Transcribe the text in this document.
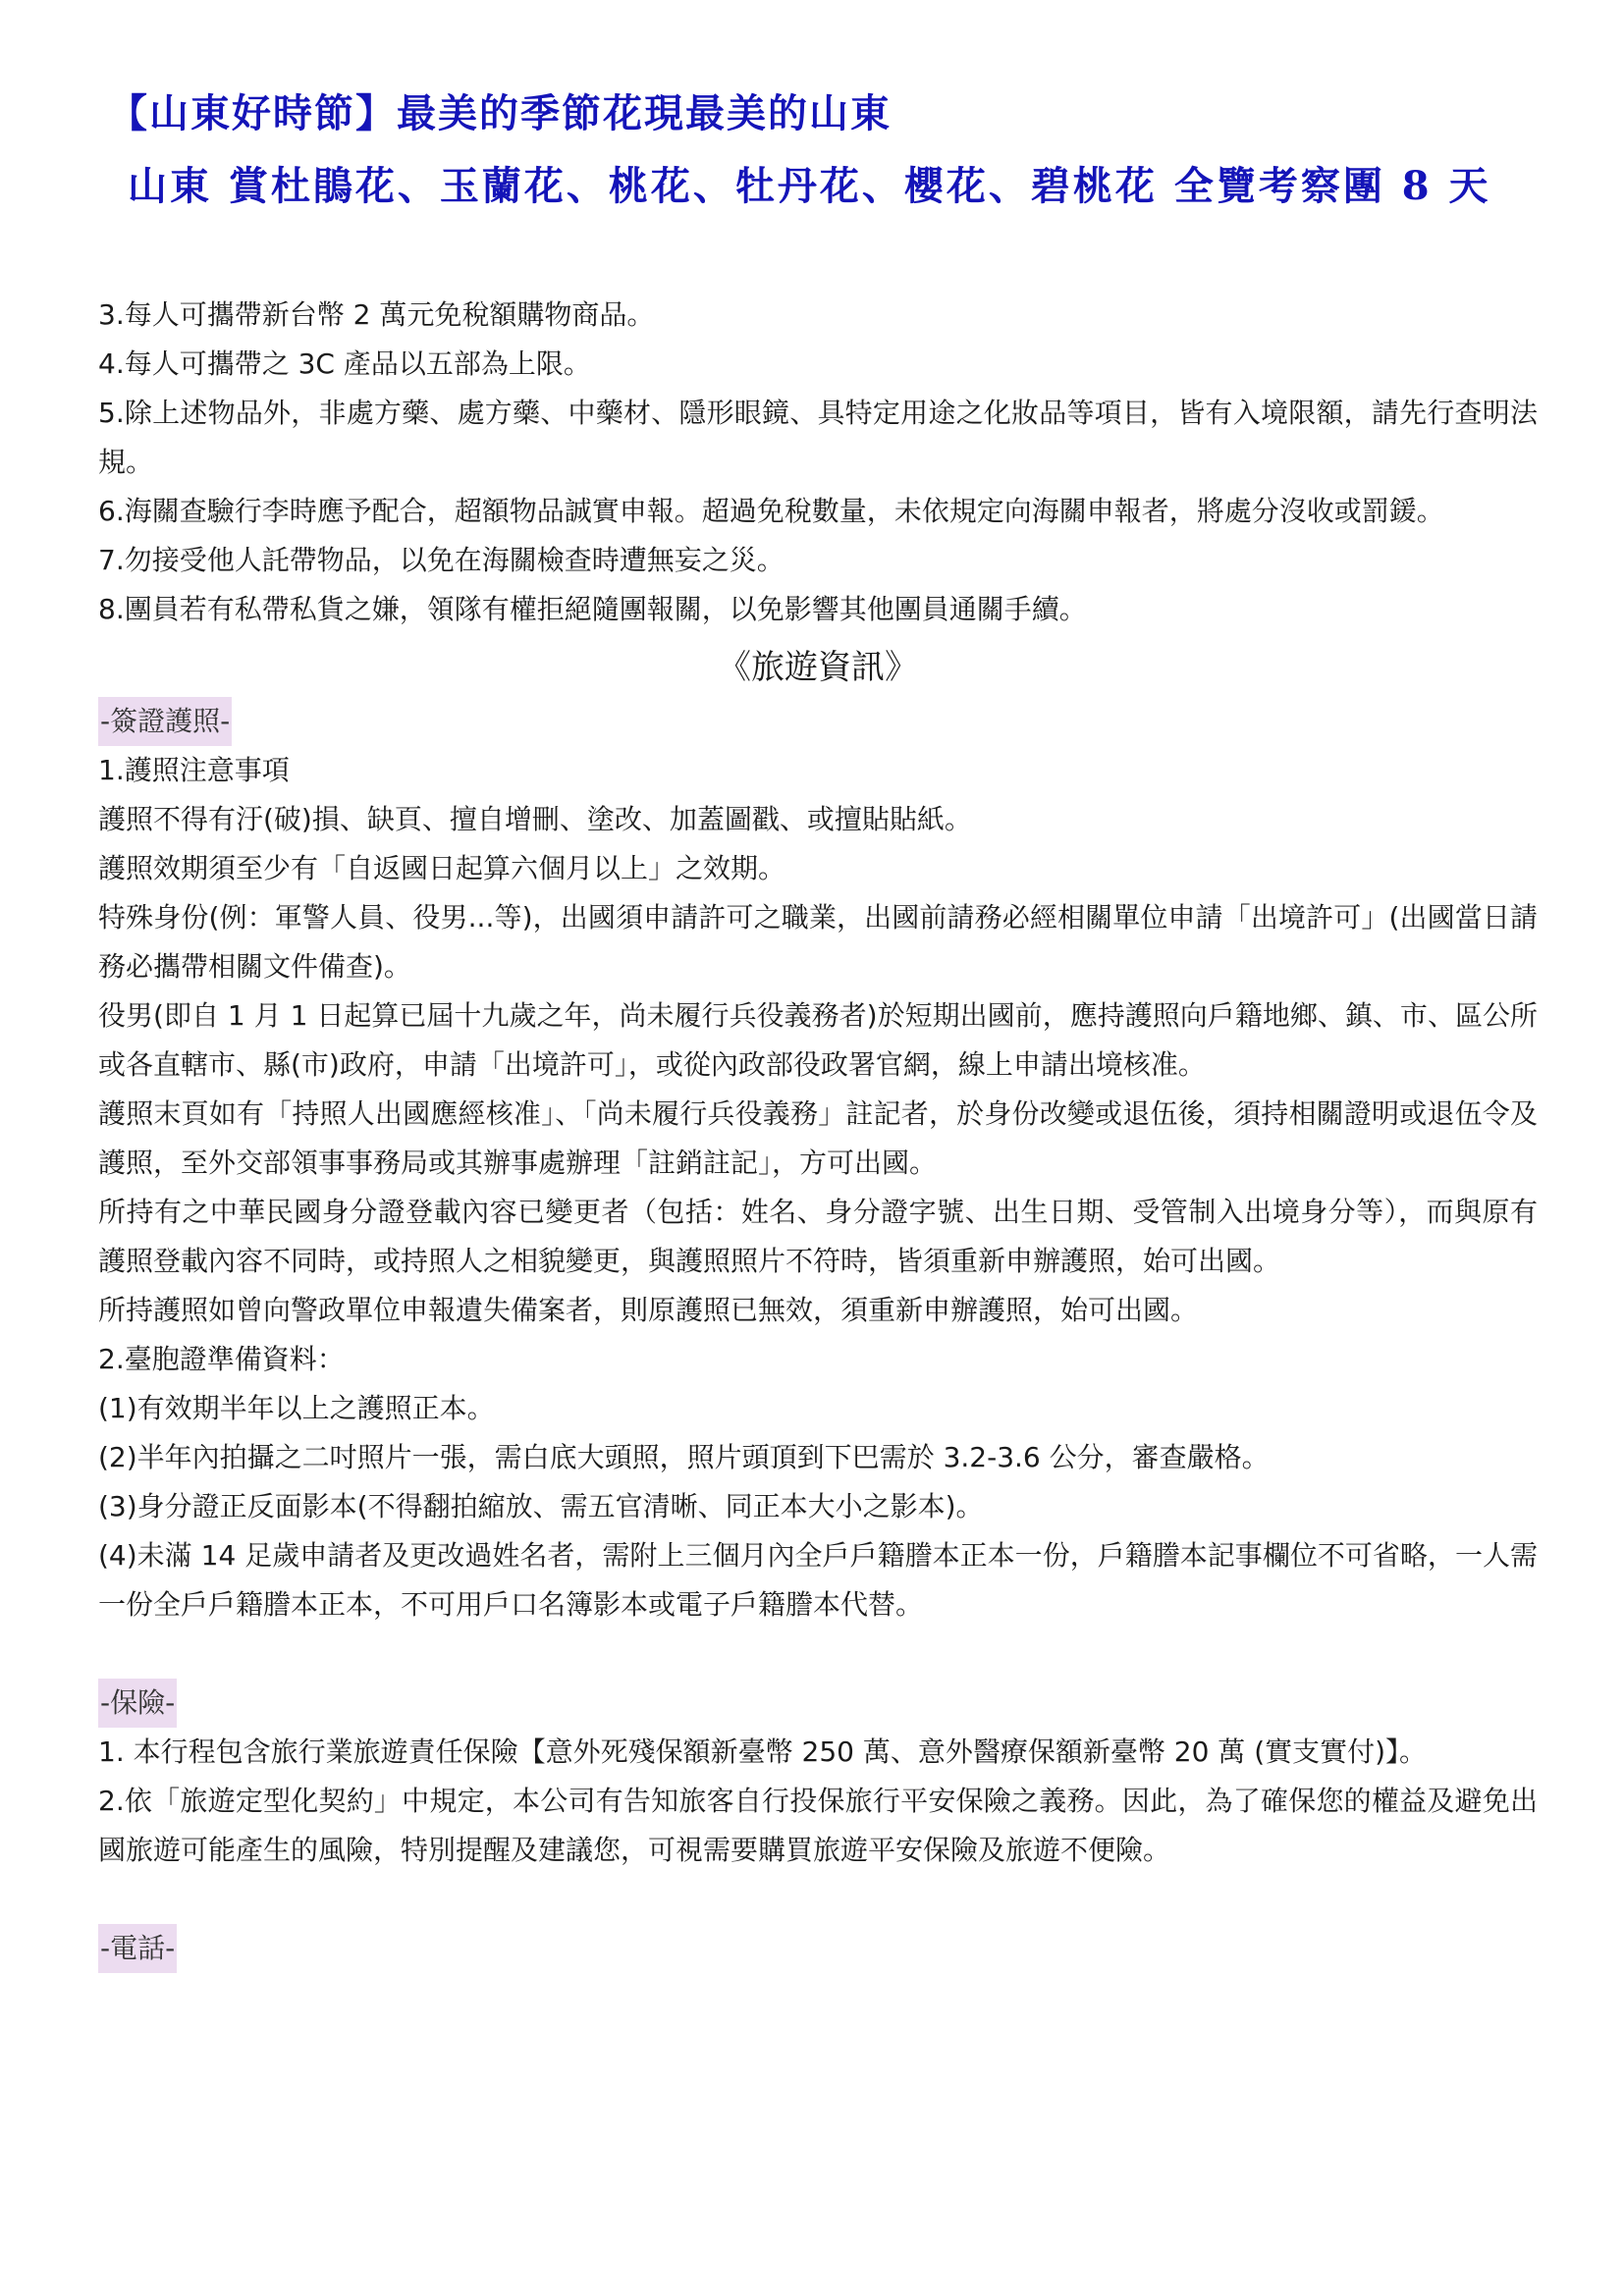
【山東好時節】最美的季節花現最美的山東
山東 賞杜鵑花、玉蘭花、桃花、牡丹花、櫻花、碧桃花 全覽考察團 8 天

3.每人可攜帶新台幣 2 萬元免稅額購物商品。

4.每人可攜帶之 3C 產品以五部為上限。

5.除上述物品外，非處方藥、處方藥、中藥材、隱形眼鏡、具特定用途之化妝品等項目，皆有入境限額，請先行查明法規。

6.海關查驗行李時應予配合，超額物品誠實申報。超過免稅數量，未依規定向海關申報者，將處分沒收或罰鍰。

7.勿接受他人託帶物品，以免在海關檢查時遭無妄之災。

8.團員若有私帶私貨之嫌，領隊有權拒絕隨團報關，以免影響其他團員通關手續。

《旅遊資訊》

-簽證護照-

1.護照注意事項

護照不得有汙(破)損、缺頁、擅自增刪、塗改、加蓋圖戳、或擅貼貼紙。

護照效期須至少有「自返國日起算六個月以上」之效期。

特殊身份(例：軍警人員、役男...等)，出國須申請許可之職業，出國前請務必經相關單位申請「出境許可」(出國當日請務必攜帶相關文件備查)。

役男(即自 1 月 1 日起算已屆十九歲之年，尚未履行兵役義務者)於短期出國前，應持護照向戶籍地鄉、鎮、市、區公所或各直轄市、縣(市)政府，申請「出境許可」，或從內政部役政署官網，線上申請出境核准。

護照末頁如有「持照人出國應經核准」、「尚未履行兵役義務」註記者，於身份改變或退伍後，須持相關證明或退伍令及護照，至外交部領事事務局或其辦事處辦理「註銷註記」，方可出國。

所持有之中華民國身分證登載內容已變更者（包括：姓名、身分證字號、出生日期、受管制入出境身分等），而與原有護照登載內容不同時，或持照人之相貌變更，與護照照片不符時，皆須重新申辦護照，始可出國。

所持護照如曾向警政單位申報遺失備案者，則原護照已無效，須重新申辦護照，始可出國。

2.臺胞證準備資料：

(1)有效期半年以上之護照正本。

(2)半年內拍攝之二吋照片一張，需白底大頭照，照片頭頂到下巴需於 3.2-3.6 公分，審查嚴格。

(3)身分證正反面影本(不得翻拍縮放、需五官清晰、同正本大小之影本)。

(4)未滿 14 足歲申請者及更改過姓名者，需附上三個月內全戶戶籍謄本正本一份，戶籍謄本記事欄位不可省略，一人需一份全戶戶籍謄本正本，不可用戶口名簿影本或電子戶籍謄本代替。

-保險-

1. 本行程包含旅行業旅遊責任保險【意外死殘保額新臺幣 250 萬、意外醫療保額新臺幣 20 萬 (實支實付)】。

2.依「旅遊定型化契約」中規定，本公司有告知旅客自行投保旅行平安保險之義務。因此，為了確保您的權益及避免出國旅遊可能產生的風險，特別提醒及建議您，可視需要購買旅遊平安保險及旅遊不便險。

-電話-
